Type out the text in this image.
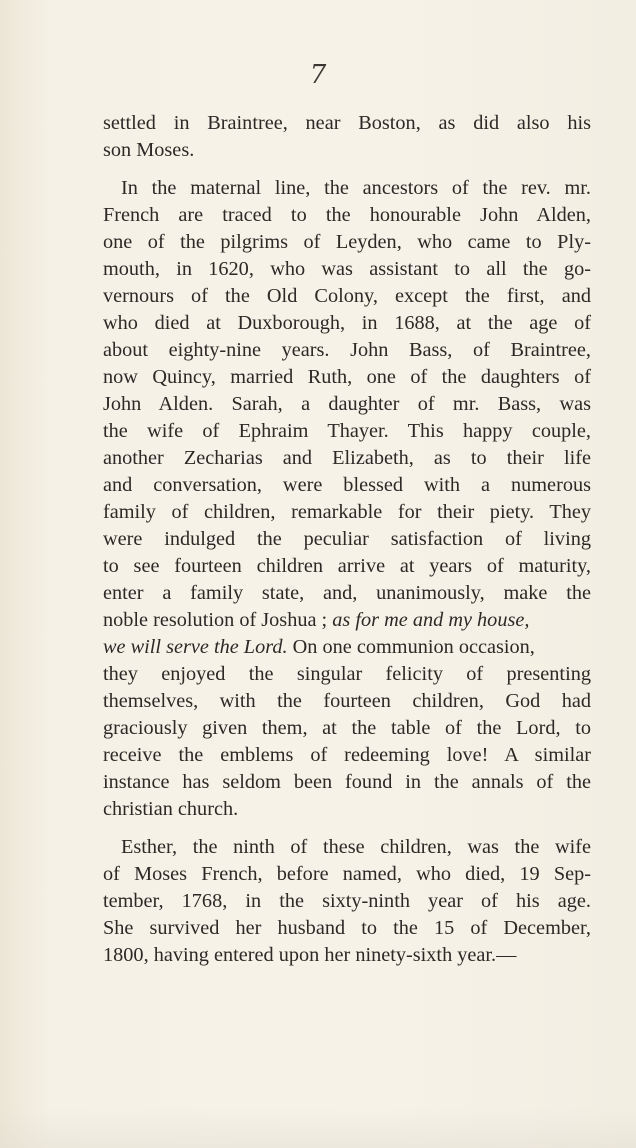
7
settled in Braintree, near Boston, as did also his
son Moses.
In the maternal line, the ancestors of the rev. mr.
French are traced to the honourable John Alden,
one of the pilgrims of Leyden, who came to Ply-
mouth, in 1620, who was assistant to all the go-
vernours of the Old Colony, except the first, and
who died at Duxborough, in 1688, at the age of
about eighty-nine years. John Bass, of Braintree,
now Quincy, married Ruth, one of the daughters of
John Alden. Sarah, a daughter of mr. Bass, was
the wife of Ephraim Thayer. This happy couple,
another Zecharias and Elizabeth, as to their life
and conversation, were blessed with a numerous
family of children, remarkable for their piety. They
were indulged the peculiar satisfaction of living
to see fourteen children arrive at years of maturity,
enter a family state, and, unanimously, make the
noble resolution of Joshua ; as for me and my house,
we will serve the Lord. On one communion occasion,
they enjoyed the singular felicity of presenting
themselves, with the fourteen children, God had
graciously given them, at the table of the Lord, to
receive the emblems of redeeming love! A similar
instance has seldom been found in the annals of the
christian church.
Esther, the ninth of these children, was the wife
of Moses French, before named, who died, 19 Sep-
tember, 1768, in the sixty-ninth year of his age.
She survived her husband to the 15 of December,
1800, having entered upon her ninety-sixth year.—
